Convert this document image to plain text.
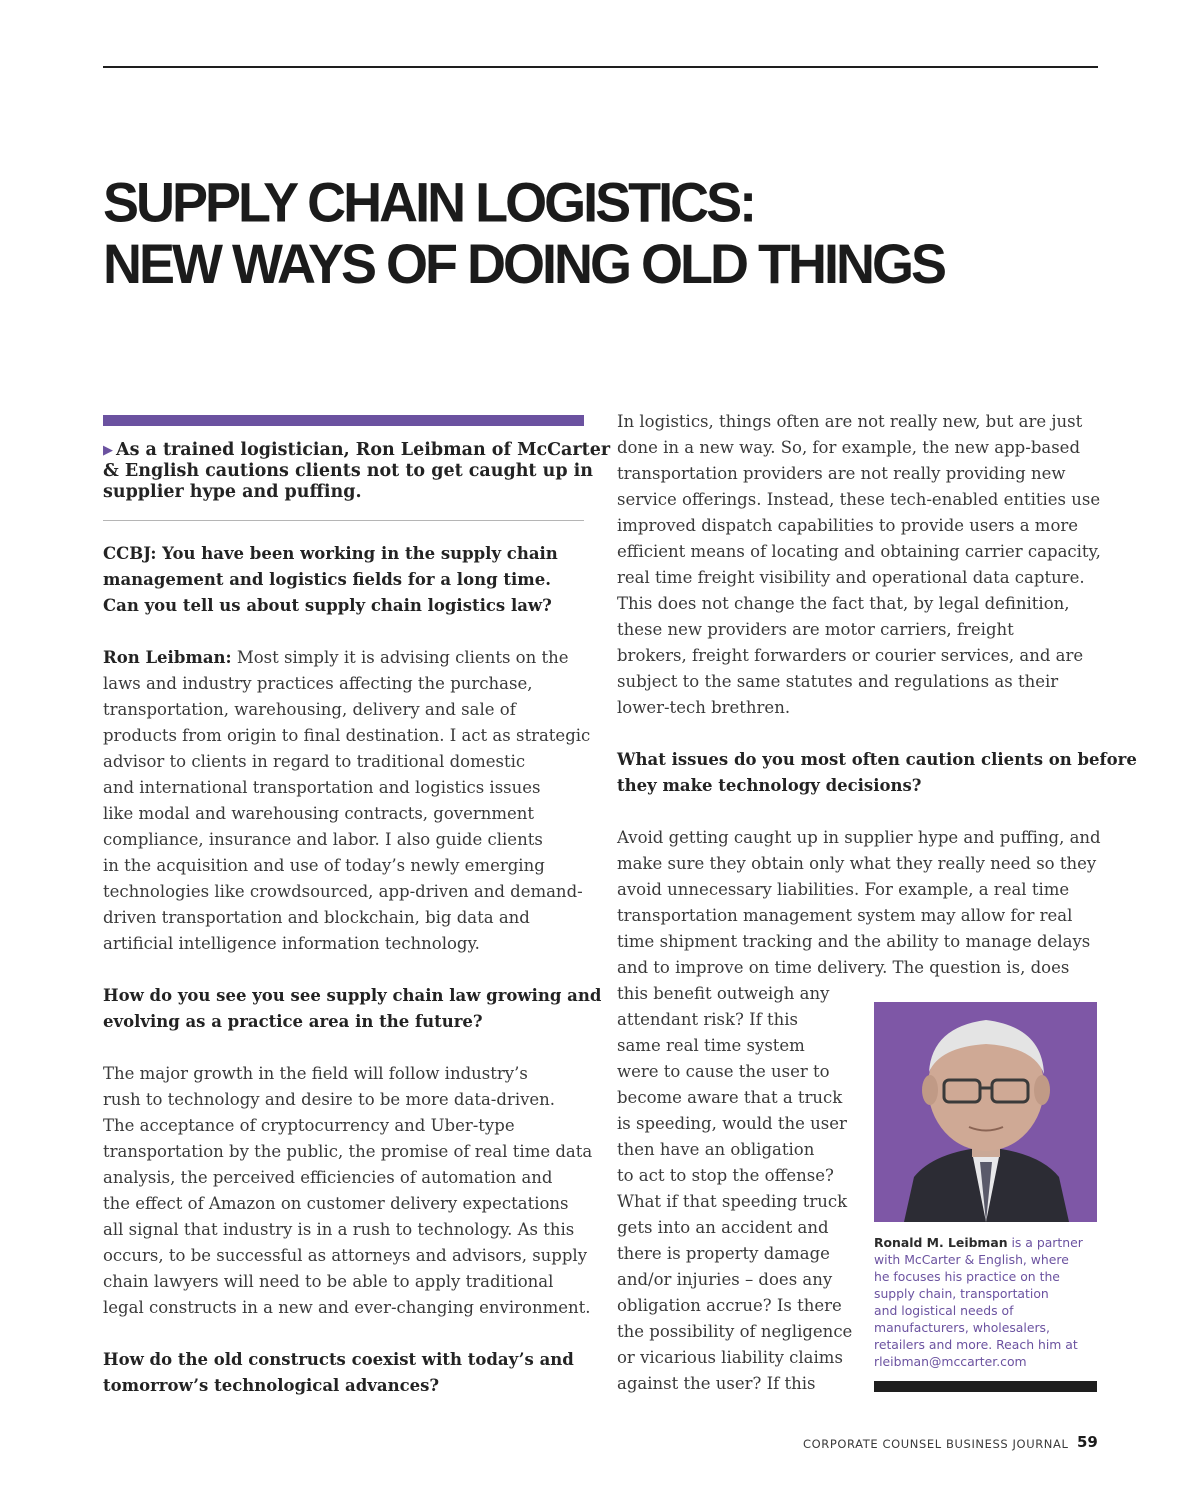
SUPPLY CHAIN LOGISTICS:
NEW WAYS OF DOING OLD THINGS
▶ As a trained logistician, Ron Leibman of McCarter
& English cautions clients not to get caught up in
supplier hype and puffing.
CCBJ: You have been working in the supply chain
management and logistics fields for a long time.
Can you tell us about supply chain logistics law?
Ron Leibman: Most simply it is advising clients on the
laws and industry practices affecting the purchase,
transportation, warehousing, delivery and sale of
products from origin to final destination. I act as strategic
advisor to clients in regard to traditional domestic
and international transportation and logistics issues
like modal and warehousing contracts, government
compliance, insurance and labor. I also guide clients
in the acquisition and use of today’s newly emerging
technologies like crowdsourced, app-driven and demand-
driven transportation and blockchain, big data and
artificial intelligence information technology.
How do you see you see supply chain law growing and
evolving as a practice area in the future?
The major growth in the field will follow industry’s
rush to technology and desire to be more data-driven.
The acceptance of cryptocurrency and Uber-type
transportation by the public, the promise of real time data
analysis, the perceived efficiencies of automation and
the effect of Amazon on customer delivery expectations
all signal that industry is in a rush to technology. As this
occurs, to be successful as attorneys and advisors, supply
chain lawyers will need to be able to apply traditional
legal constructs in a new and ever-changing environment.
How do the old constructs coexist with today’s and
tomorrow’s technological advances?
In logistics, things often are not really new, but are just
done in a new way. So, for example, the new app-based
transportation providers are not really providing new
service offerings. Instead, these tech-enabled entities use
improved dispatch capabilities to provide users a more
efficient means of locating and obtaining carrier capacity,
real time freight visibility and operational data capture.
This does not change the fact that, by legal definition,
these new providers are motor carriers, freight
brokers, freight forwarders or courier services, and are
subject to the same statutes and regulations as their
lower-tech brethren.
What issues do you most often caution clients on before
they make technology decisions?
Avoid getting caught up in supplier hype and puffing, and
make sure they obtain only what they really need so they
avoid unnecessary liabilities. For example, a real time
transportation management system may allow for real
time shipment tracking and the ability to manage delays
and to improve on time delivery. The question is, does
this benefit outweigh any
attendant risk? If this
same real time system
were to cause the user to
become aware that a truck
is speeding, would the user
then have an obligation
to act to stop the offense?
What if that speeding truck
gets into an accident and
there is property damage
and/or injuries – does any
obligation accrue? Is there
the possibility of negligence
or vicarious liability claims
against the user? If this
Ronald M. Leibman is a partner
with McCarter & English, where
he focuses his practice on the
supply chain, transportation
and logistical needs of
manufacturers, wholesalers,
retailers and more. Reach him at
rleibman@mccarter.com
CORPORATE COUNSEL BUSINESS JOURNAL 59
